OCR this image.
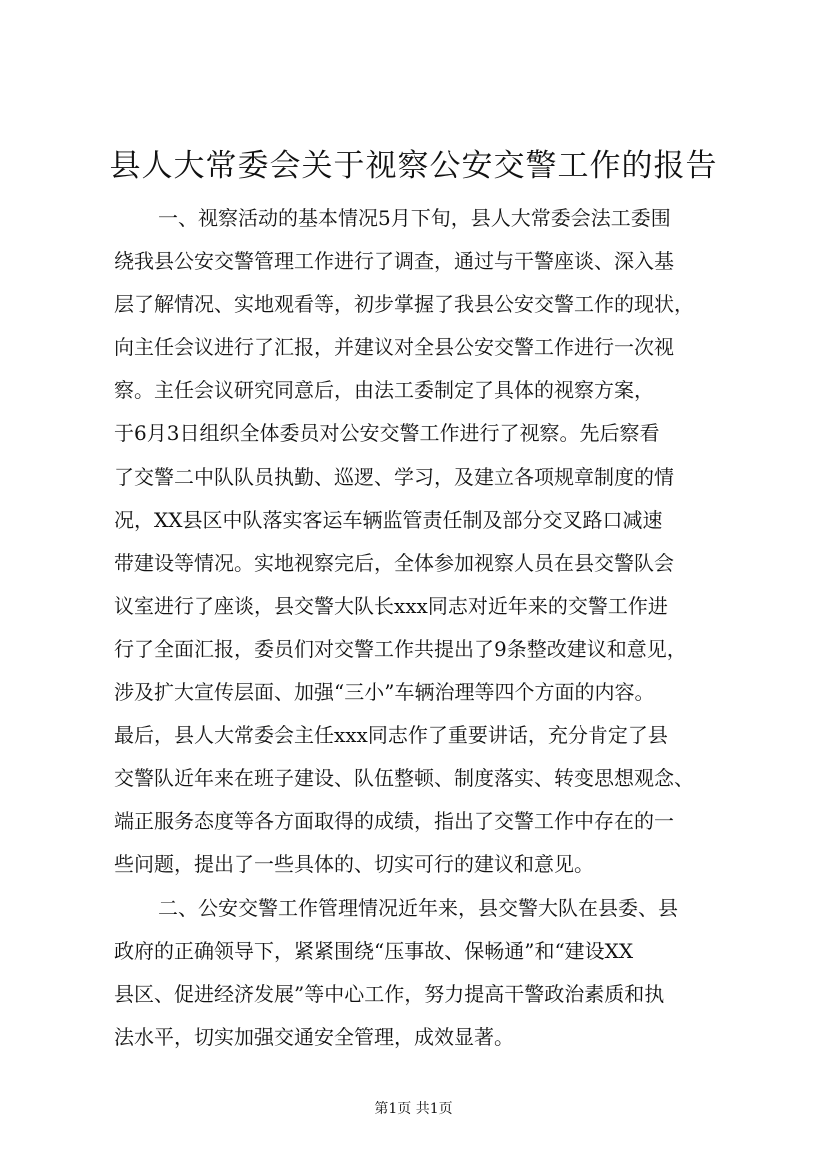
县人大常委会关于视察公安交警工作的报告
一、视察活动的基本情况5月下旬，县人大常委会法工委围
绕我县公安交警管理工作进行了调查，通过与干警座谈、深入基
层了解情况、实地观看等，初步掌握了我县公安交警工作的现状，
向主任会议进行了汇报，并建议对全县公安交警工作进行一次视
察。主任会议研究同意后，由法工委制定了具体的视察方案，
于6月3日组织全体委员对公安交警工作进行了视察。先后察看
了交警二中队队员执勤、巡逻、学习，及建立各项规章制度的情
况，XX县区中队落实客运车辆监管责任制及部分交叉路口减速
带建设等情况。实地视察完后，全体参加视察人员在县交警队会
议室进行了座谈，县交警大队长xxx同志对近年来的交警工作进
行了全面汇报，委员们对交警工作共提出了9条整改建议和意见，
涉及扩大宣传层面、加强“三小”车辆治理等四个方面的内容。
最后，县人大常委会主任xxx同志作了重要讲话，充分肯定了县
交警队近年来在班子建设、队伍整顿、制度落实、转变思想观念、
端正服务态度等各方面取得的成绩，指出了交警工作中存在的一
些问题，提出了一些具体的、切实可行的建议和意见。
二、公安交警工作管理情况近年来，县交警大队在县委、县
政府的正确领导下，紧紧围绕“压事故、保畅通”和“建设XX
县区、促进经济发展”等中心工作，努力提高干警政治素质和执
法水平，切实加强交通安全管理，成效显著。
第1页 共1页
